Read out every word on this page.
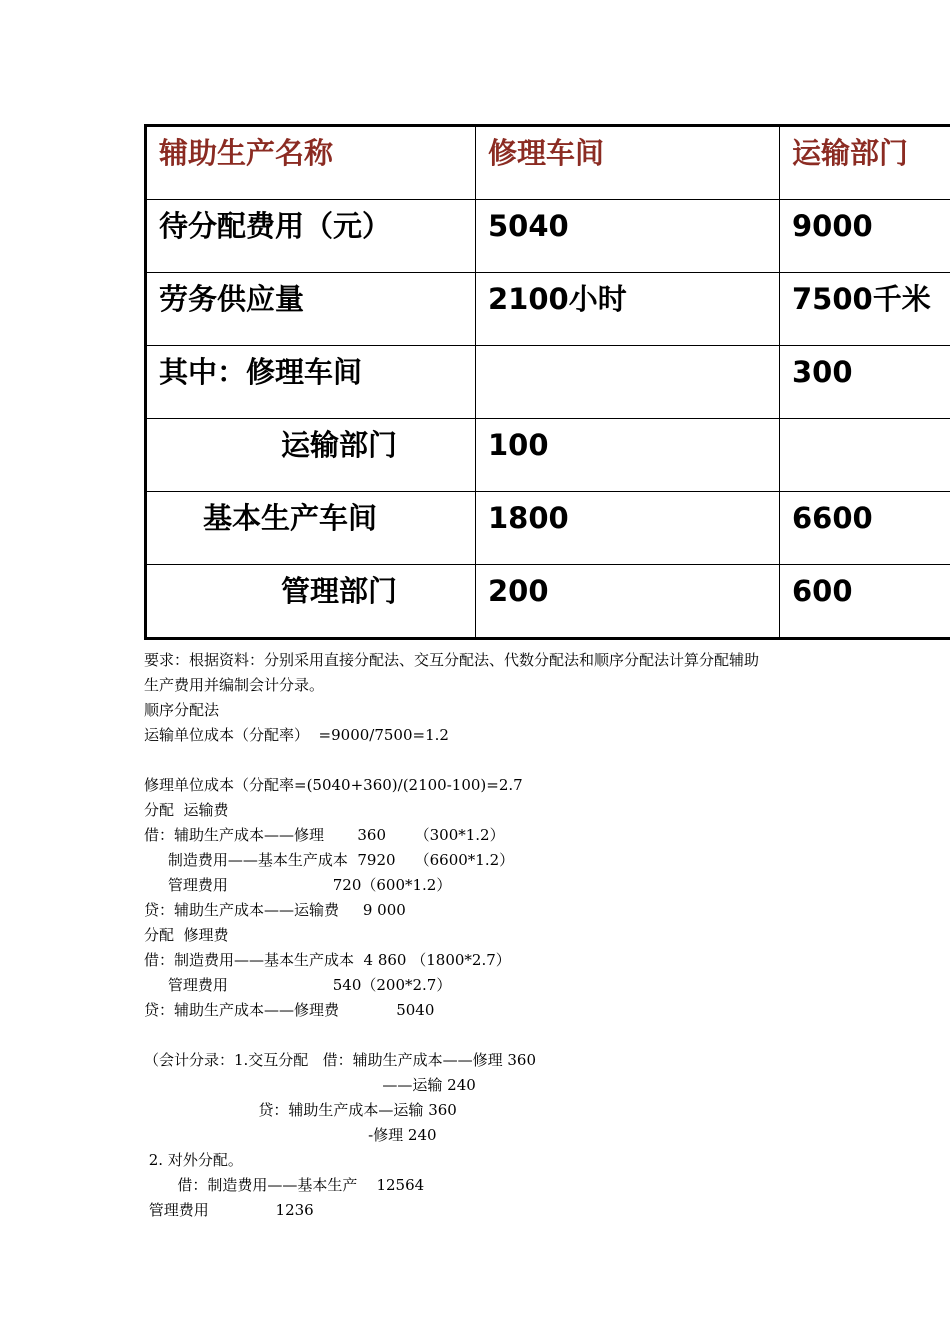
辅助生产名称	修理车间	运输部门

待分配费用（元）	5040	9000

劳务供应量	2100小时	7500千米

其中：修理车间		300

运输部门	100	

基本生产车间	1800	6600

管理部门	200	600
要求：根据资料：分别采用直接分配法、交互分配法、代数分配法和顺序分配法计算分配辅助
生产费用并编制会计分录。
顺序分配法
运输单位成本（分配率）  =9000/7500=1.2
修理单位成本（分配率=(5040+360)/(2100-100)=2.7
分配  运输费
借：辅助生产成本——修理       360      （300*1.2）
制造费用——基本生产成本  7920    （6600*1.2）
管理费用                      720（600*1.2）
贷：辅助生产成本——运输费     9 000
分配  修理费
借：制造费用——基本生产成本  4 860 （1800*2.7）
管理费用                      540（200*2.7）
贷：辅助生产成本——修理费            5040
（会计分录：1.交互分配   借：辅助生产成本——修理 360
——运输 240
贷：辅助生产成本—运输 360
-修理 240
2. 对外分配。
借：制造费用——基本生产    12564
管理费用              1236
